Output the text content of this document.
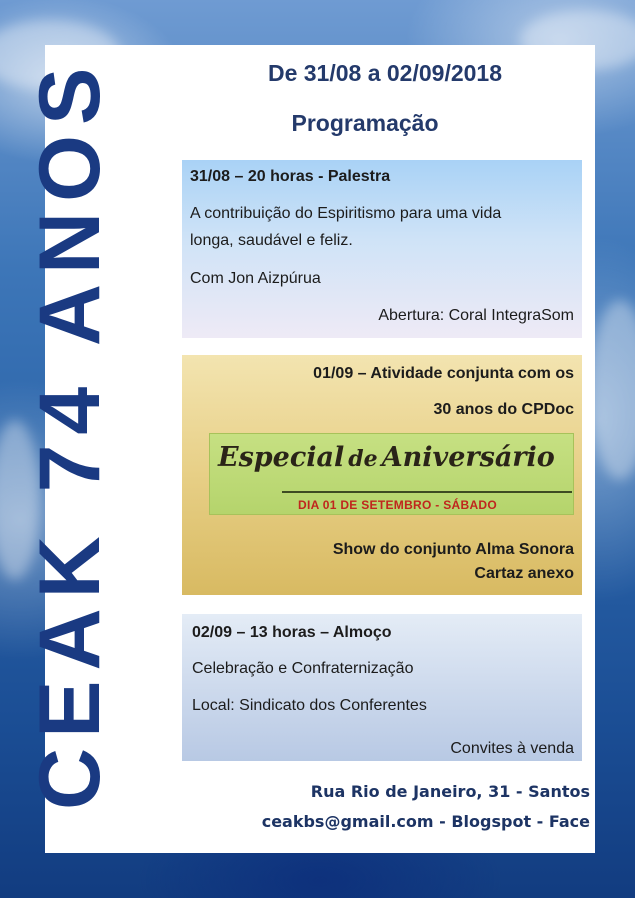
CEAK 74 ANOS	De 31/08 a 02/09/2018
Programação
31/08 – 20 horas - Palestra
A contribuição do Espiritismo para uma vida
longa, saudável e feliz.
Com Jon Aizpúrua
Abertura: Coral IntegraSom
01/09 – Atividade conjunta com os
30 anos do CPDoc
Especial de Aniversário
DIA 01 DE SETEMBRO - SÁBADO
Show do conjunto Alma Sonora
Cartaz anexo
02/09 – 13 horas – Almoço
Celebração e Confraternização
Local: Sindicato dos Conferentes
Convites à venda
Rua Rio de Janeiro, 31 - Santos
ceakbs@gmail.com - Blogspot - Face
